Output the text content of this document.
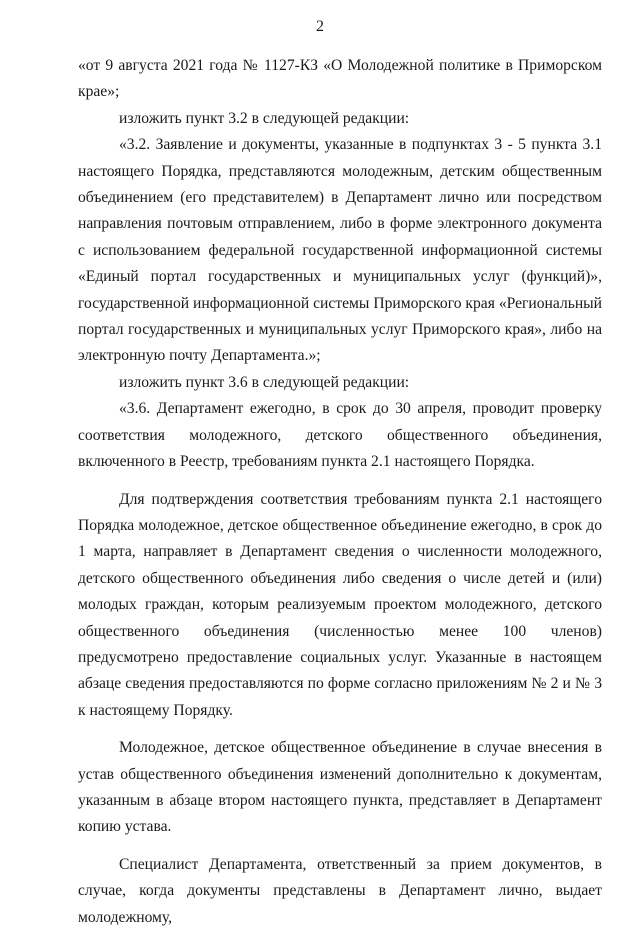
2

«от 9 августа 2021 года № 1127-КЗ «О Молодежной политике в Приморском крае»;

изложить пункт 3.2 в следующей редакции:

«3.2. Заявление и документы, указанные в подпунктах 3 - 5 пункта 3.1 настоящего Порядка, представляются молодежным, детским общественным объединением (его представителем) в Департамент лично или посредством направления почтовым отправлением, либо в форме электронного документа с использованием федеральной государственной информационной системы «Единый портал государственных и муниципальных услуг (функций)», государственной информационной системы Приморского края «Региональный портал государственных и муниципальных услуг Приморского края», либо на электронную почту Департамента.»;

изложить пункт 3.6 в следующей редакции:

«3.6. Департамент ежегодно, в срок до 30 апреля, проводит проверку соответствия молодежного, детского общественного объединения, включенного в Реестр, требованиям пункта 2.1 настоящего Порядка.

Для подтверждения соответствия требованиям пункта 2.1 настоящего Порядка молодежное, детское общественное объединение ежегодно, в срок до 1 марта, направляет в Департамент сведения о численности молодежного, детского общественного объединения либо сведения о числе детей и (или) молодых граждан, которым реализуемым проектом молодежного, детского общественного объединения (численностью менее 100 членов) предусмотрено предоставление социальных услуг. Указанные в настоящем абзаце сведения предоставляются по форме согласно приложениям № 2 и № 3 к настоящему Порядку.

Молодежное, детское общественное объединение в случае внесения в устав общественного объединения изменений дополнительно к документам, указанным в абзаце втором настоящего пункта, представляет в Департамент копию устава.

Специалист Департамента, ответственный за прием документов, в случае, когда документы представлены в Департамент лично, выдает молодежному,
